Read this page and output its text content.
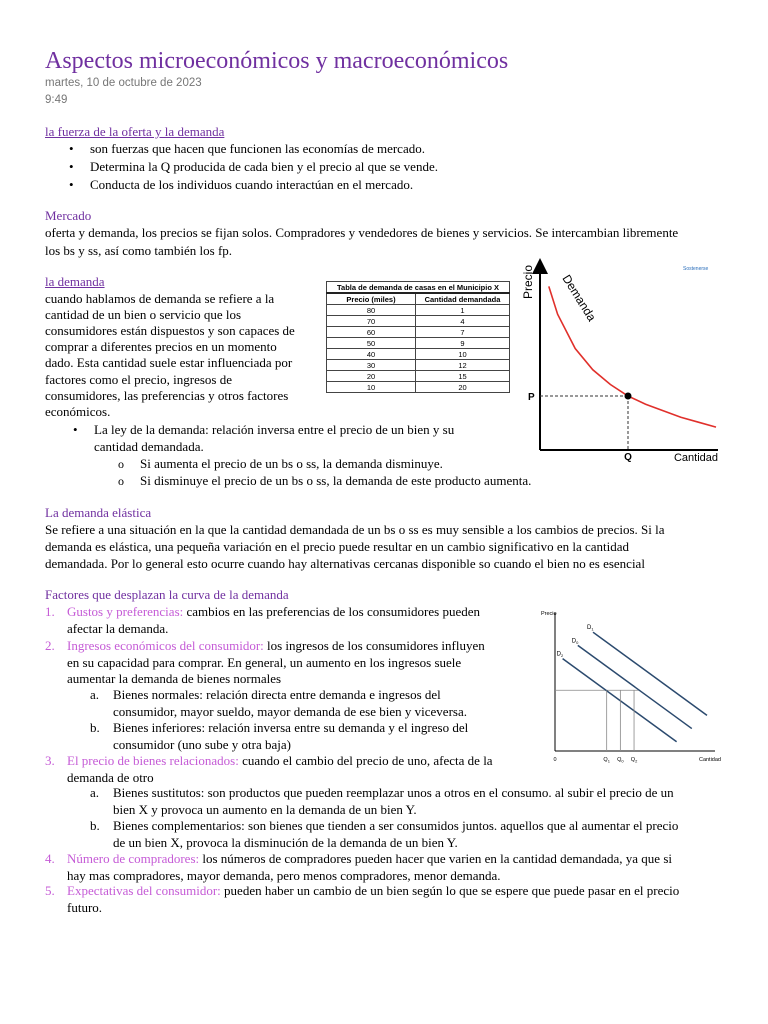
Aspectos microeconómicos y macroeconómicos
martes, 10 de octubre de 2023
9:49
la fuerza de la oferta y la demanda
• son fuerzas que hacen que funcionen las economías de mercado.
• Determina la Q producida de cada bien y el precio al que se vende.
• Conducta de los individuos cuando interactúan en el mercado.
Mercado
oferta y demanda, los precios se fijan solos. Compradores y vendedores de bienes y servicios. Se intercambian libremente
los bs y ss, así como también los fp.
la demanda
cuando hablamos de demanda se refiere a la
cantidad de un bien o servicio que los
consumidores están dispuestos y son capaces de
comprar a diferentes precios en un momento
dado. Esta cantidad suele estar influenciada por
factores como el precio, ingresos de
consumidores, las preferencias y otros factores
económicos.
Tabla de demanda de casas en el Municipio X	
Precio (miles)	Cantidad demandada
80	1
70	4
60	7
50	9
40	10
30	12
20	15
10	20
Precio
Cantidad
Demanda
P
Q
Sostenerse
• La ley de la demanda: relación inversa entre el precio de un bien y su
cantidad demandada.
o Si aumenta el precio de un bs o ss, la demanda disminuye.
o Si disminuye el precio de un bs o ss, la demanda de este producto aumenta.
La demanda elástica
Se refiere a una situación en la que la cantidad demandada de un bs o ss es muy sensible a los cambios de precios. Si la
demanda es elástica, una pequeña variación en el precio puede resultar en un cambio significativo en la cantidad
demandada. Por lo general esto ocurre cuando hay alternativas cercanas disponible so cuando el bien no es esencial
Factores que desplazan la curva de la demanda
1. Gustos y preferencias: cambios en las preferencias de los consumidores pueden
afectar la demanda.
2. Ingresos económicos del consumidor: los ingresos de los consumidores influyen
en su capacidad para comprar. En general, un aumento en los ingresos suele
aumentar la demanda de bienes normales
a. Bienes normales: relación directa entre demanda e ingresos del
consumidor, mayor sueldo, mayor demanda de ese bien y viceversa.
b. Bienes inferiores: relación inversa entre su demanda y el ingreso del
consumidor (uno sube y otra baja)
3. El precio de bienes relacionados: cuando el cambio del precio de uno, afecta de la
demanda de otro
a. Bienes sustitutos: son productos que pueden reemplazar unos a otros en el consumo. al subir el precio de un
bien X y provoca un aumento en la demanda de un bien Y.
b. Bienes complementarios: son bienes que tienden a ser consumidos juntos. aquellos que al aumentar el precio
de un bien X, provoca la disminución de la demanda de un bien Y.
4. Número de compradores: los números de compradores pueden hacer que varien en la cantidad demandada, ya que si
hay mas compradores, mayor demanda, pero menos compradores, menor demanda.
5. Expectativas del consumidor: pueden haber un cambio de un bien según lo que se espere que puede pasar en el precio
futuro.
Precio
Cantidad
0
$D_2$
$D_0$
$D_1$
$Q_1$ $Q_0$ $Q_2$
